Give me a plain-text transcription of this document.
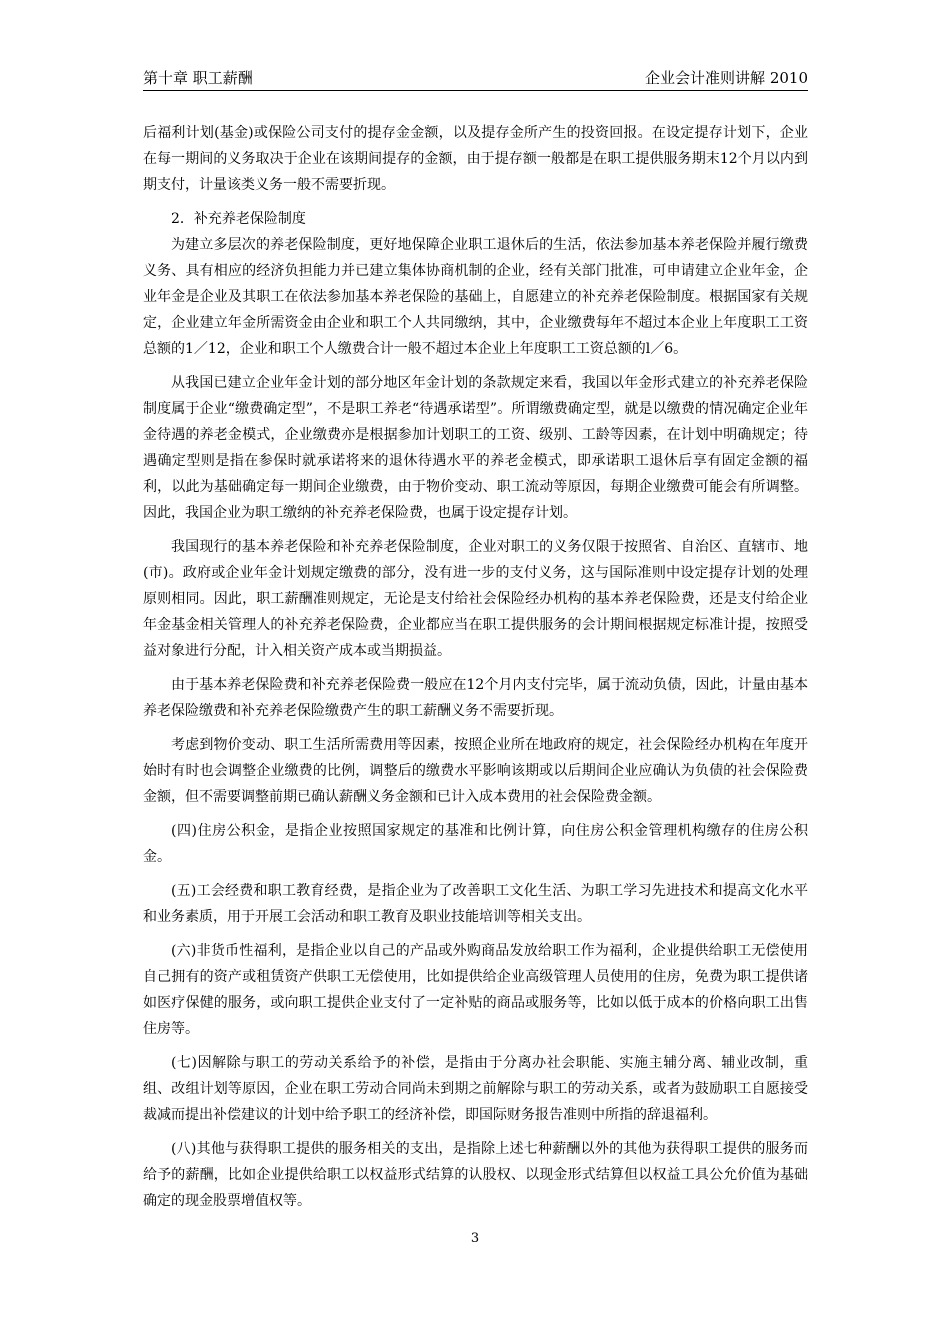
第十章 职工薪酬	企业会计准则讲解 2010

后福利计划(基金)或保险公司支付的提存金金额，以及提存金所产生的投资回报。在设定提存计划下，企业在每一期间的义务取决于企业在该期间提存的金额，由于提存额一般都是在职工提供服务期末12个月以内到期支付，计量该类义务一般不需要折现。

2．补充养老保险制度

为建立多层次的养老保险制度，更好地保障企业职工退休后的生活，依法参加基本养老保险并履行缴费义务、具有相应的经济负担能力并已建立集体协商机制的企业，经有关部门批准，可申请建立企业年金，企业年金是企业及其职工在依法参加基本养老保险的基础上，自愿建立的补充养老保险制度。根据国家有关规定，企业建立年金所需资金由企业和职工个人共同缴纳，其中，企业缴费每年不超过本企业上年度职工工资总额的1／12，企业和职工个人缴费合计一般不超过本企业上年度职工工资总额的l／6。

从我国已建立企业年金计划的部分地区年金计划的条款规定来看，我国以年金形式建立的补充养老保险制度属于企业“缴费确定型”，不是职工养老“待遇承诺型”。所谓缴费确定型，就是以缴费的情况确定企业年金待遇的养老金模式，企业缴费亦是根据参加计划职工的工资、级别、工龄等因素，在计划中明确规定；待遇确定型则是指在参保时就承诺将来的退休待遇水平的养老金模式，即承诺职工退休后享有固定金额的福利，以此为基础确定每一期间企业缴费，由于物价变动、职工流动等原因，每期企业缴费可能会有所调整。因此，我国企业为职工缴纳的补充养老保险费，也属于设定提存计划。

我国现行的基本养老保险和补充养老保险制度，企业对职工的义务仅限于按照省、自治区、直辖市、地(市)。政府或企业年金计划规定缴费的部分，没有进一步的支付义务，这与国际准则中设定提存计划的处理原则相同。因此，职工薪酬准则规定，无论是支付给社会保险经办机构的基本养老保险费，还是支付给企业年金基金相关管理人的补充养老保险费，企业都应当在职工提供服务的会计期间根据规定标准计提，按照受益对象进行分配，计入相关资产成本或当期损益。

由于基本养老保险费和补充养老保险费一般应在12个月内支付完毕，属于流动负债，因此，计量由基本养老保险缴费和补充养老保险缴费产生的职工薪酬义务不需要折现。

考虑到物价变动、职工生活所需费用等因素，按照企业所在地政府的规定，社会保险经办机构在年度开始时有时也会调整企业缴费的比例，调整后的缴费水平影响该期或以后期间企业应确认为负债的社会保险费金额，但不需要调整前期已确认薪酬义务金额和已计入成本费用的社会保险费金额。

(四)住房公积金，是指企业按照国家规定的基准和比例计算，向住房公积金管理机构缴存的住房公积金。

(五)工会经费和职工教育经费，是指企业为了改善职工文化生活、为职工学习先进技术和提高文化水平和业务素质，用于开展工会活动和职工教育及职业技能培训等相关支出。

(六)非货币性福利，是指企业以自己的产品或外购商品发放给职工作为福利，企业提供给职工无偿使用自己拥有的资产或租赁资产供职工无偿使用，比如提供给企业高级管理人员使用的住房，免费为职工提供诸如医疗保健的服务，或向职工提供企业支付了一定补贴的商品或服务等，比如以低于成本的价格向职工出售住房等。

(七)因解除与职工的劳动关系给予的补偿，是指由于分离办社会职能、实施主辅分离、辅业改制，重组、改组计划等原因，企业在职工劳动合同尚未到期之前解除与职工的劳动关系，或者为鼓励职工自愿接受裁减而提出补偿建议的计划中给予职工的经济补偿，即国际财务报告准则中所指的辞退福利。

(八)其他与获得职工提供的服务相关的支出，是指除上述七种薪酬以外的其他为获得职工提供的服务而给予的薪酬，比如企业提供给职工以权益形式结算的认股权、以现金形式结算但以权益工具公允价值为基础确定的现金股票增值权等。

3
